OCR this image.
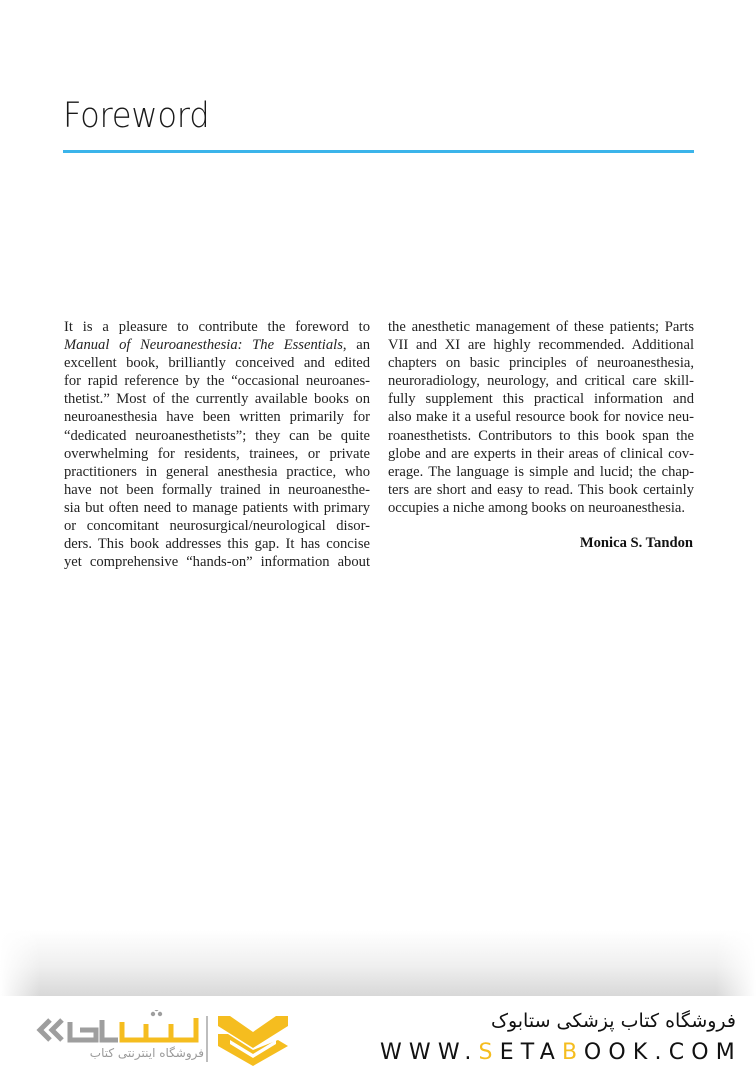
Foreword
It is a pleasure to contribute the foreword to
Manual of Neuroanesthesia: The Essentials, an
excellent book, brilliantly conceived and edited
for rapid reference by the “occasional neuroanes-
thetist.” Most of the currently available books on
neuroanesthesia have been written primarily for
“dedicated neuroanesthetists”; they can be quite
overwhelming for residents, trainees, or private
practitioners in general anesthesia practice, who
have not been formally trained in neuroanesthe-
sia but often need to manage patients with primary
or concomitant neurosurgical/neurological disor-
ders. This book addresses this gap. It has concise
yet comprehensive “hands-on” information about
the anesthetic management of these patients; Parts
VII and XI are highly recommended. Additional
chapters on basic principles of neuroanesthesia,
neuroradiology, neurology, and critical care skill-
fully supplement this practical information and
also make it a useful resource book for novice neu-
roanesthetists. Contributors to this book span the
globe and are experts in their areas of clinical cov-
erage. The language is simple and lucid; the chap-
ters are short and easy to read. This book certainly
occupies a niche among books on neuroanesthesia.
Monica S. Tandon
فروشگاه اینترنتی کتاب
فروشگاه کتاب پزشکی ستابوک
WWW.SETABOOK.COM
